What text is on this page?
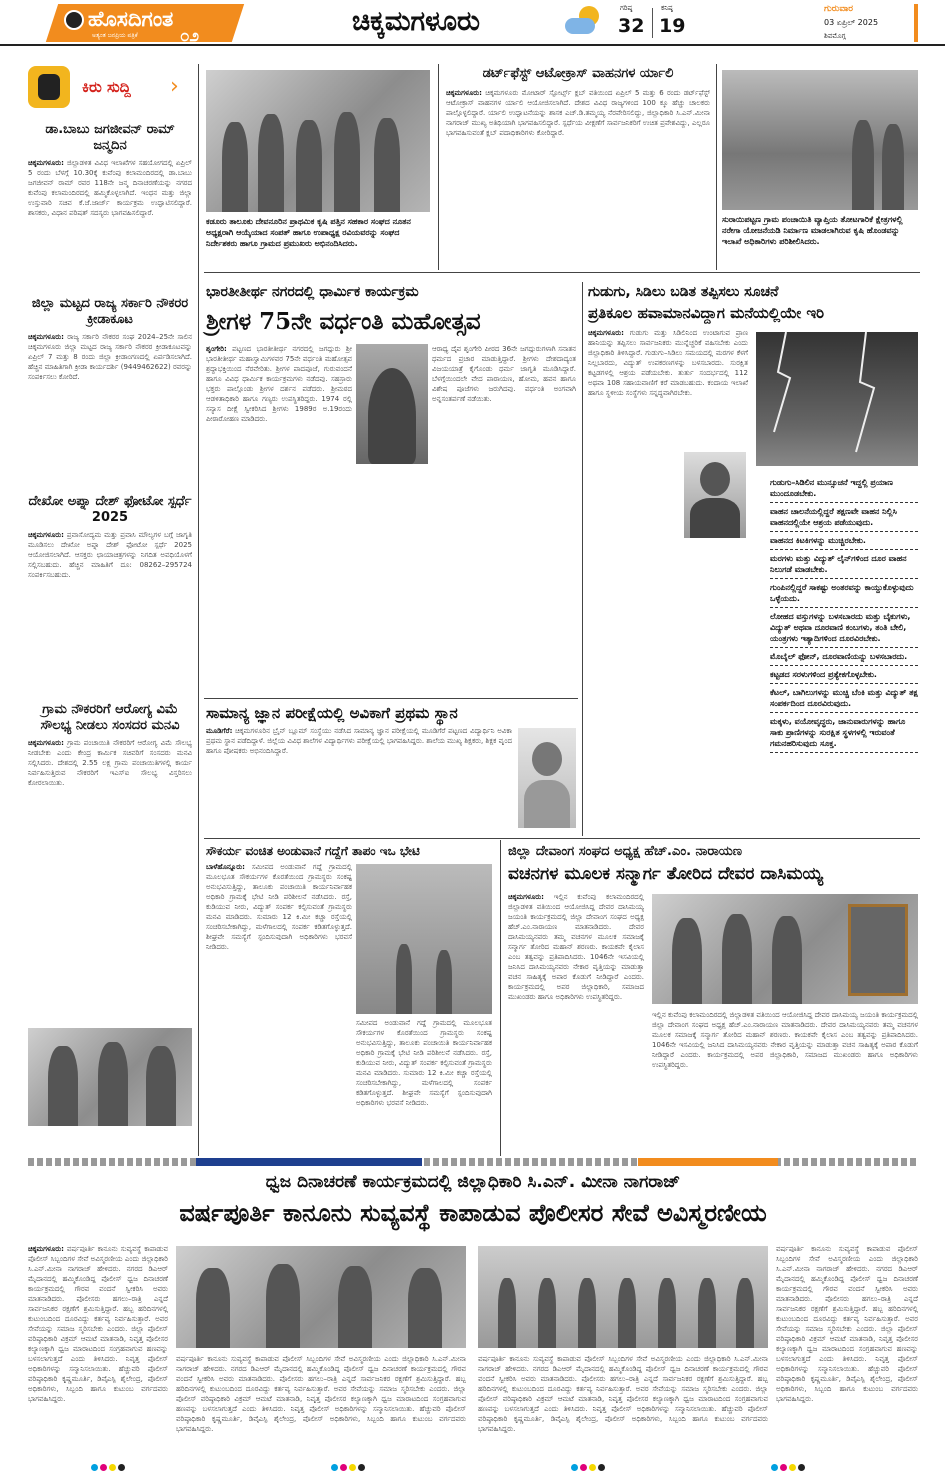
ಹೊಸದಿಗಂತ
ಅತ್ಯಂತ ಜನಪ್ರಿಯ ಪತ್ರಿಕೆ ೦೨	ಚಿಕ್ಕಮಗಳೂರು	ಗರಿಷ್ಠ
32
ಕನಿಷ್ಠ
19
ಗುರುವಾರ
03 ಏಪ್ರಿಲ್ 2025
ಶಿವಮೊಗ್ಗ
ಕಿರು ಸುದ್ದಿ ›
ಡಾ.ಬಾಬು ಜಗಜೀವನ್ ರಾಮ್ ಜನ್ಮದಿನ
ಚಿಕ್ಕಮಗಳೂರು: ಜಿಲ್ಲಾಡಳಿತ ವಿವಿಧ ಇಲಾಖೆಗಳ ಸಹಯೋಗದಲ್ಲಿ ಏಪ್ರಿಲ್ 5 ರಂದು ಬೆಳಗ್ಗೆ 10.30ಕ್ಕೆ ಕುವೆಂಪು ಕಲಾಮಂದಿರದಲ್ಲಿ ಡಾ.ಬಾಬು ಜಗಜೀವನ್ ರಾಮ್ ರವರ 118ನೇ ಜನ್ಮ ದಿನಾಚರಣೆಯನ್ನು ನಗರದ ಕುವೆಂಪು ಕಲಾಮಂದಿರದಲ್ಲಿ ಹಮ್ಮಿಕೊಳ್ಳಲಾಗಿದೆ. ಇಂಧನ ಮತ್ತು ಜಿಲ್ಲಾ ಉಸ್ತುವಾರಿ ಸಚಿವ ಕೆ.ಜೆ.ಜಾರ್ಜ್ ಕಾರ್ಯಕ್ರಮ ಉದ್ಘಾಟಿಸಲಿದ್ದಾರೆ. ಶಾಸಕರು, ವಿಧಾನ ಪರಿಷತ್ ಸದಸ್ಯರು ಭಾಗವಹಿಸಲಿದ್ದಾರೆ.
ಜಿಲ್ಲಾ ಮಟ್ಟದ ರಾಜ್ಯ ಸರ್ಕಾರಿ ನೌಕರರ ಕ್ರೀಡಾಕೂಟ
ಚಿಕ್ಕಮಗಳೂರು: ರಾಜ್ಯ ಸರ್ಕಾರಿ ನೌಕರರ ಸಂಘ 2024–25ನೇ ಸಾಲಿನ ಚಿಕ್ಕಮಗಳೂರು ಜಿಲ್ಲಾ ಮಟ್ಟದ ರಾಜ್ಯ ಸರ್ಕಾರಿ ನೌಕರರ ಕ್ರೀಡಾಕೂಟವನ್ನು ಏಪ್ರಿಲ್ 7 ಮತ್ತು 8 ರಂದು ಜಿಲ್ಲಾ ಕ್ರೀಡಾಂಗಣದಲ್ಲಿ ಏರ್ಪಡಿಸಲಾಗಿದೆ. ಹೆಚ್ಚಿನ ಮಾಹಿತಿಗಾಗಿ ಕ್ರೀಡಾ ಕಾರ್ಯದರ್ಶಿ (9449462622) ರವರನ್ನು ಸಂಪರ್ಕಿಸಲು ಕೋರಿದೆ.
ದೇಖೋ ಅಪ್ನಾ ದೇಶ್ ಫೋಟೋ ಸ್ಪರ್ಧೆ 2025
ಚಿಕ್ಕಮಗಳೂರು: ಪ್ರವಾಸೋದ್ಯಮ ಮತ್ತು ಪ್ರವಾಸಿ ಮೌಲ್ಯಗಳ ಬಗ್ಗೆ ಜಾಗೃತಿ ಮೂಡಿಸಲು ದೇಖೋ ಅಪ್ನಾ ದೇಶ್ ಫೋಟೋ ಸ್ಪರ್ಧೆ 2025 ಆಯೋಜಿಸಲಾಗಿದೆ. ಆಸಕ್ತರು ಛಾಯಾಚಿತ್ರಗಳನ್ನು ನಿಗದಿತ ಅವಧಿಯೊಳಗೆ ಸಲ್ಲಿಸಬಹುದು. ಹೆಚ್ಚಿನ ಮಾಹಿತಿಗೆ ದೂ: 08262–295724 ಸಂಪರ್ಕಿಸಬಹುದು.
ಗ್ರಾಮ ನೌಕರರಿಗೆ ಆರೋಗ್ಯ ವಿಮೆ ಸೌಲಭ್ಯ ನೀಡಲು ಸಂಸದರ ಮನವಿ
ಚಿಕ್ಕಮಗಳೂರು: ಗ್ರಾಮ ಪಂಚಾಯಿತಿ ನೌಕರರಿಗೆ ಆರೋಗ್ಯ ವಿಮೆ ಸೌಲಭ್ಯ ನೀಡಬೇಕು ಎಂದು ಕೇಂದ್ರ ಕಾರ್ಮಿಕ ಸಚಿವರಿಗೆ ಸಂಸದರು ಮನವಿ ಸಲ್ಲಿಸಿದರು. ದೇಶದಲ್ಲಿ 2.55 ಲಕ್ಷ ಗ್ರಾಮ ಪಂಚಾಯಿತಿಗಳಲ್ಲಿ ಕಾರ್ಯ ನಿರ್ವಹಿಸುತ್ತಿರುವ ನೌಕರರಿಗೆ ಇಎಸ್ಐ ಸೌಲಭ್ಯ ವಿಸ್ತರಿಸಲು ಕೋರಲಾಯಿತು.
ಕಡೂರು ತಾಲೂಕು ದೇವನೂರಿನ ಪ್ರಾಥಮಿಕ ಕೃಷಿ ಪತ್ತಿನ ಸಹಕಾರ ಸಂಘದ ನೂತನ ಅಧ್ಯಕ್ಷರಾಗಿ ಆಯ್ಕೆಯಾದ ಸಂಪತ್ ಹಾಗೂ ಉಪಾಧ್ಯಕ್ಷ ರವಿಯವರನ್ನು ಸಂಘದ ನಿರ್ದೇಶಕರು ಹಾಗೂ ಗ್ರಾಮದ ಪ್ರಮುಖರು ಅಭಿನಂದಿಸಿದರು.
ಡರ್ಟ್‌ಫೆಸ್ಟ್ ಆಟೋಕ್ರಾಸ್ ವಾಹನಗಳ ರ್ಯಾಲಿ
ಚಿಕ್ಕಮಗಳೂರು: ಚಿಕ್ಕಮಗಳೂರು ಮೋಟಾರ್ ಸ್ಪೋರ್ಟ್ಸ್ ಕ್ಲಬ್ ವತಿಯಿಂದ ಏಪ್ರಿಲ್ 5 ಮತ್ತು 6 ರಂದು ಡರ್ಟ್‌ಫೆಸ್ಟ್ ಆಟೋಕ್ರಾಸ್ ವಾಹನಗಳ ರ್ಯಾಲಿ ಆಯೋಜಿಸಲಾಗಿದೆ. ದೇಶದ ವಿವಿಧ ರಾಜ್ಯಗಳಿಂದ 100 ಕ್ಕೂ ಹೆಚ್ಚು ಚಾಲಕರು ಪಾಲ್ಗೊಳ್ಳಲಿದ್ದಾರೆ. ರ್ಯಾಲಿ ಉದ್ಘಾಟನೆಯನ್ನು ಶಾಸಕ ಎಚ್.ಡಿ.ತಮ್ಮಯ್ಯ ನೆರವೇರಿಸಲಿದ್ದು, ಜಿಲ್ಲಾಧಿಕಾರಿ ಸಿ.ಎನ್.ಮೀನಾ ನಾಗರಾಜ್ ಮುಖ್ಯ ಅತಿಥಿಯಾಗಿ ಭಾಗವಹಿಸಲಿದ್ದಾರೆ. ಸ್ಪರ್ಧೆಯ ವೀಕ್ಷಣೆಗೆ ಸಾರ್ವಜನಿಕರಿಗೆ ಉಚಿತ ಪ್ರವೇಶವಿದ್ದು, ಎಲ್ಲರೂ ಭಾಗವಹಿಸುವಂತೆ ಕ್ಲಬ್ ಪದಾಧಿಕಾರಿಗಳು ಕೋರಿದ್ದಾರೆ.
ಸುರಾಯಿಪಟ್ಟಣ ಗ್ರಾಮ ಪಂಚಾಯಿತಿ ವ್ಯಾಪ್ತಿಯ ತೋಟಗಾರಿಕೆ ಕ್ಷೇತ್ರಗಳಲ್ಲಿ ನರೇಗಾ ಯೋಜನೆಯಡಿ ನಿರ್ಮಾಣ ಮಾಡಲಾಗಿರುವ ಕೃಷಿ ಹೊಂಡವನ್ನು ಇಲಾಖೆ ಅಧಿಕಾರಿಗಳು ಪರಿಶೀಲಿಸಿದರು.
ಭಾರತೀತೀರ್ಥ ನಗರದಲ್ಲಿ ಧಾರ್ಮಿಕ ಕಾರ್ಯಕ್ರಮ
ಶ್ರೀಗಳ 75ನೇ ವರ್ಧಂತಿ ಮಹೋತ್ಸವ
ಶೃಂಗೇರಿ: ಪಟ್ಟಣದ ಭಾರತೀತೀರ್ಥ ನಗರದಲ್ಲಿ ಜಗದ್ಗುರು ಶ್ರೀ ಭಾರತೀತೀರ್ಥ ಮಹಾಸ್ವಾಮಿಗಳವರ 75ನೇ ವರ್ಧಂತಿ ಮಹೋತ್ಸವ ಶ್ರದ್ಧಾಭಕ್ತಿಯಿಂದ ನೆರವೇರಿತು. ಶ್ರೀಗಳ ಪಾದಪೂಜೆ, ಗುರುವಂದನೆ ಹಾಗೂ ವಿವಿಧ ಧಾರ್ಮಿಕ ಕಾರ್ಯಕ್ರಮಗಳು ನಡೆದವು. ಸಹಸ್ರಾರು ಭಕ್ತರು ಪಾಲ್ಗೊಂಡು ಶ್ರೀಗಳ ದರ್ಶನ ಪಡೆದರು. ಶ್ರೀಮಠದ ಆಡಳಿತಾಧಿಕಾರಿ ಹಾಗೂ ಗಣ್ಯರು ಉಪಸ್ಥಿತರಿದ್ದರು. 1974 ರಲ್ಲಿ ಸನ್ಯಾಸ ದೀಕ್ಷೆ ಸ್ವೀಕರಿಸಿದ ಶ್ರೀಗಳು 1989ರ ಅ.19ರಂದು ಪೀಠಾರೋಹಣ ಮಾಡಿದರು.
ಆರಾಧ್ಯ ದೈವ ಶೃಂಗೇರಿ ಪೀಠದ 36ನೇ ಜಗದ್ಗುರುಗಳಾಗಿ ಸನಾತನ ಧರ್ಮದ ಪ್ರಚಾರ ಮಾಡುತ್ತಿದ್ದಾರೆ. ಶ್ರೀಗಳು ದೇಶದಾದ್ಯಂತ ವಿಜಯಯಾತ್ರೆ ಕೈಗೊಂಡು ಧರ್ಮ ಜಾಗೃತಿ ಮೂಡಿಸಿದ್ದಾರೆ. ಬೆಳಗ್ಗೆಯಿಂದಲೇ ವೇದ ಪಾರಾಯಣ, ಹೋಮ, ಹವನ ಹಾಗೂ ವಿಶೇಷ ಪೂಜೆಗಳು ಜರುಗಿದವು. ವರ್ಧಂತಿ ಅಂಗವಾಗಿ ಅನ್ನಸಂತರ್ಪಣೆ ನಡೆಯಿತು.
ಸಾಮಾನ್ಯ ಜ್ಞಾನ ಪರೀಕ್ಷೆಯಲ್ಲಿ ಅವಿಕಾಗೆ ಪ್ರಥಮ ಸ್ಥಾನ
ಮೂಡಿಗೆರೆ: ಚಿಕ್ಕಮಗಳೂರಿನ ಬ್ರೈನ್ ಬ್ಲೂಮ್ ಸಂಸ್ಥೆಯು ನಡೆಸಿದ ಸಾಮಾನ್ಯ ಜ್ಞಾನ ಪರೀಕ್ಷೆಯಲ್ಲಿ ಮೂಡಿಗೆರೆ ಪಟ್ಟಣದ ವಿದ್ಯಾರ್ಥಿನಿ ಅವಿಕಾ ಪ್ರಥಮ ಸ್ಥಾನ ಪಡೆದಿದ್ದಾಳೆ. ಜಿಲ್ಲೆಯ ವಿವಿಧ ಶಾಲೆಗಳ ವಿದ್ಯಾರ್ಥಿಗಳು ಪರೀಕ್ಷೆಯಲ್ಲಿ ಭಾಗವಹಿಸಿದ್ದರು. ಶಾಲೆಯ ಮುಖ್ಯ ಶಿಕ್ಷಕರು, ಶಿಕ್ಷಕ ವೃಂದ ಹಾಗೂ ಪೋಷಕರು ಅಭಿನಂದಿಸಿದ್ದಾರೆ.
ಗುಡುಗು, ಸಿಡಿಲು ಬಡಿತ ತಪ್ಪಿಸಲು ಸೂಚನೆ
ಪ್ರತಿಕೂಲ ಹವಾಮಾನವಿದ್ದಾಗ ಮನೆಯಲ್ಲಿಯೇ ಇರಿ
ಚಿಕ್ಕಮಗಳೂರು: ಗುಡುಗು ಮತ್ತು ಸಿಡಿಲಿನಿಂದ ಉಂಟಾಗುವ ಪ್ರಾಣ ಹಾನಿಯನ್ನು ತಪ್ಪಿಸಲು ಸಾರ್ವಜನಿಕರು ಮುನ್ನೆಚ್ಚರಿಕೆ ವಹಿಸಬೇಕು ಎಂದು ಜಿಲ್ಲಾಧಿಕಾರಿ ತಿಳಿಸಿದ್ದಾರೆ. ಗುಡುಗು–ಸಿಡಿಲು ಸಮಯದಲ್ಲಿ ಮರಗಳ ಕೆಳಗೆ ನಿಲ್ಲಬಾರದು, ವಿದ್ಯುತ್ ಉಪಕರಣಗಳನ್ನು ಬಳಸಬಾರದು. ಸುರಕ್ಷಿತ ಕಟ್ಟಡಗಳಲ್ಲಿ ಆಶ್ರಯ ಪಡೆಯಬೇಕು. ತುರ್ತು ಸಂದರ್ಭದಲ್ಲಿ 112 ಅಥವಾ 108 ಸಹಾಯವಾಣಿಗೆ ಕರೆ ಮಾಡಬಹುದು. ಕಂದಾಯ ಇಲಾಖೆ ಹಾಗೂ ಸ್ಥಳೀಯ ಸಂಸ್ಥೆಗಳು ಸನ್ನದ್ಧವಾಗಿರಬೇಕು.
ಗುಡುಗು–ಸಿಡಿಲಿನ ಮುನ್ಸೂಚನೆ ಇದ್ದಲ್ಲಿ ಪ್ರಯಾಣ ಮುಂದೂಡಬೇಕು.
ವಾಹನ ಚಾಲನೆಯಲ್ಲಿದ್ದರೆ ತಕ್ಷಣವೇ ವಾಹನ ನಿಲ್ಲಿಸಿ ವಾಹನದಲ್ಲಿಯೇ ಆಶ್ರಯ ಪಡೆಯುವುದು.
ವಾಹನದ ಕಿಟಕಿಗಳನ್ನು ಮುಚ್ಚಿರಬೇಕು.
ಮರಗಳು ಮತ್ತು ವಿದ್ಯುತ್ ಲೈನ್‌ಗಳಿಂದ ದೂರ ವಾಹನ ನಿಲುಗಡೆ ಮಾಡಬೇಕು.
ಗುಂಪಿನಲ್ಲಿದ್ದರೆ ಸಾಕಷ್ಟು ಅಂತರವನ್ನು ಕಾಯ್ದುಕೊಳ್ಳುವುದು ಒಳ್ಳೆಯದು.
ಲೋಹದ ವಸ್ತುಗಳನ್ನು ಬಳಸಬಾರದು ಮತ್ತು ಬೈಕುಗಳು, ವಿದ್ಯುತ್ ಅಥವಾ ದೂರವಾಣಿ ಕಂಬಗಳು, ತಂತಿ ಬೇಲಿ, ಯಂತ್ರಗಳು ಇತ್ಯಾದಿಗಳಿಂದ ದೂರವಿರಬೇಕು.
ಮೊಬೈಲ್ ಫೋನ್, ದೂರವಾಣಿಯನ್ನು ಬಳಸಬಾರದು.
ಕಟ್ಟಡದ ಸರಳುಗಳಿಂದ ಪ್ರತ್ಯೇಕಗೊಳ್ಳಬೇಕು.
ಕೆಟಲ್, ಬಾಗಿಲುಗಳನ್ನು ಮುಚ್ಚಿ ಬೆಂಕಿ ಮತ್ತು ವಿದ್ಯುತ್ ತಕ್ಷ ಸಂಪರ್ಕದಿಂದ ದೂರವಿರುವುದು.
ಮಕ್ಕಳು, ವಯೋವೃದ್ಧರು, ಜಾನುವಾರುಗಳನ್ನು ಹಾಗೂ ಸಾಕು ಪ್ರಾಣಿಗಳನ್ನು ಸುರಕ್ಷಿತ ಸ್ಥಳಗಳಲ್ಲಿ ಇರುವಂತೆ ಗಮನಹರಿಸುವುದು ಸೂಕ್ತ.
ಸೌಕರ್ಯ ವಂಚಿತ ಅಂಡುವಾನೆ ಗದ್ದೆಗೆ ತಾಪಂ ಇಒ ಭೇಟಿ
ಬಾಳೆಹೊನ್ನೂರು: ಸಮೀಪದ ಅಂಡುವಾನೆ ಗದ್ದೆ ಗ್ರಾಮದಲ್ಲಿ ಮೂಲಭೂತ ಸೌಕರ್ಯಗಳ ಕೊರತೆಯಿಂದ ಗ್ರಾಮಸ್ಥರು ಸಂಕಷ್ಟ ಅನುಭವಿಸುತ್ತಿದ್ದು, ತಾಲೂಕು ಪಂಚಾಯಿತಿ ಕಾರ್ಯನಿರ್ವಾಹಕ ಅಧಿಕಾರಿ ಗ್ರಾಮಕ್ಕೆ ಭೇಟಿ ನೀಡಿ ಪರಿಶೀಲನೆ ನಡೆಸಿದರು. ರಸ್ತೆ, ಕುಡಿಯುವ ನೀರು, ವಿದ್ಯುತ್ ಸಂಪರ್ಕ ಕಲ್ಪಿಸುವಂತೆ ಗ್ರಾಮಸ್ಥರು ಮನವಿ ಮಾಡಿದರು. ಸುಮಾರು 12 ಕಿ.ಮೀ ಕಚ್ಚಾ ರಸ್ತೆಯಲ್ಲಿ ಸಂಚರಿಸಬೇಕಾಗಿದ್ದು, ಮಳೆಗಾಲದಲ್ಲಿ ಸಂಪರ್ಕ ಕಡಿತಗೊಳ್ಳುತ್ತದೆ. ಶೀಘ್ರವೇ ಸಮಸ್ಯೆಗೆ ಸ್ಪಂದಿಸುವುದಾಗಿ ಅಧಿಕಾರಿಗಳು ಭರವಸೆ ನೀಡಿದರು.
ಸಮೀಪದ ಅಂಡುವಾನೆ ಗದ್ದೆ ಗ್ರಾಮದಲ್ಲಿ ಮೂಲಭೂತ ಸೌಕರ್ಯಗಳ ಕೊರತೆಯಿಂದ ಗ್ರಾಮಸ್ಥರು ಸಂಕಷ್ಟ ಅನುಭವಿಸುತ್ತಿದ್ದು, ತಾಲೂಕು ಪಂಚಾಯಿತಿ ಕಾರ್ಯನಿರ್ವಾಹಕ ಅಧಿಕಾರಿ ಗ್ರಾಮಕ್ಕೆ ಭೇಟಿ ನೀಡಿ ಪರಿಶೀಲನೆ ನಡೆಸಿದರು. ರಸ್ತೆ, ಕುಡಿಯುವ ನೀರು, ವಿದ್ಯುತ್ ಸಂಪರ್ಕ ಕಲ್ಪಿಸುವಂತೆ ಗ್ರಾಮಸ್ಥರು ಮನವಿ ಮಾಡಿದರು. ಸುಮಾರು 12 ಕಿ.ಮೀ ಕಚ್ಚಾ ರಸ್ತೆಯಲ್ಲಿ ಸಂಚರಿಸಬೇಕಾಗಿದ್ದು, ಮಳೆಗಾಲದಲ್ಲಿ ಸಂಪರ್ಕ ಕಡಿತಗೊಳ್ಳುತ್ತದೆ. ಶೀಘ್ರವೇ ಸಮಸ್ಯೆಗೆ ಸ್ಪಂದಿಸುವುದಾಗಿ ಅಧಿಕಾರಿಗಳು ಭರವಸೆ ನೀಡಿದರು.
ಜಿಲ್ಲಾ ದೇವಾಂಗ ಸಂಘದ ಅಧ್ಯಕ್ಷ ಹೆಚ್.ಎಂ. ನಾರಾಯಣ
ವಚನಗಳ ಮೂಲಕ ಸನ್ಮಾರ್ಗ ತೋರಿದ ದೇವರ ದಾಸಿಮಯ್ಯ
ಚಿಕ್ಕಮಗಳೂರು: ಇಲ್ಲಿನ ಕುವೆಂಪು ಕಲಾಮಂದಿರದಲ್ಲಿ ಜಿಲ್ಲಾಡಳಿತ ವತಿಯಿಂದ ಆಯೋಜಿಸಿದ್ದ ದೇವರ ದಾಸಿಮಯ್ಯ ಜಯಂತಿ ಕಾರ್ಯಕ್ರಮದಲ್ಲಿ ಜಿಲ್ಲಾ ದೇವಾಂಗ ಸಂಘದ ಅಧ್ಯಕ್ಷ ಹೆಚ್.ಎಂ.ನಾರಾಯಣ ಮಾತನಾಡಿದರು. ದೇವರ ದಾಸಿಮಯ್ಯನವರು ತಮ್ಮ ವಚನಗಳ ಮೂಲಕ ಸಮಾಜಕ್ಕೆ ಸನ್ಮಾರ್ಗ ತೋರಿದ ಮಹಾನ್ ಶರಣರು. ಕಾಯಕವೇ ಕೈಲಾಸ ಎಂಬ ತತ್ವವನ್ನು ಪ್ರತಿಪಾದಿಸಿದರು. 1046ನೇ ಇಸವಿಯಲ್ಲಿ ಜನಿಸಿದ ದಾಸಿಮಯ್ಯನವರು ನೇಕಾರ ವೃತ್ತಿಯನ್ನು ಮಾಡುತ್ತಾ ವಚನ ಸಾಹಿತ್ಯಕ್ಕೆ ಅಪಾರ ಕೊಡುಗೆ ನೀಡಿದ್ದಾರೆ ಎಂದರು. ಕಾರ್ಯಕ್ರಮದಲ್ಲಿ ಅಪರ ಜಿಲ್ಲಾಧಿಕಾರಿ, ಸಮಾಜದ ಮುಖಂಡರು ಹಾಗೂ ಅಧಿಕಾರಿಗಳು ಉಪಸ್ಥಿತರಿದ್ದರು.
ಇಲ್ಲಿನ ಕುವೆಂಪು ಕಲಾಮಂದಿರದಲ್ಲಿ ಜಿಲ್ಲಾಡಳಿತ ವತಿಯಿಂದ ಆಯೋಜಿಸಿದ್ದ ದೇವರ ದಾಸಿಮಯ್ಯ ಜಯಂತಿ ಕಾರ್ಯಕ್ರಮದಲ್ಲಿ ಜಿಲ್ಲಾ ದೇವಾಂಗ ಸಂಘದ ಅಧ್ಯಕ್ಷ ಹೆಚ್.ಎಂ.ನಾರಾಯಣ ಮಾತನಾಡಿದರು. ದೇವರ ದಾಸಿಮಯ್ಯನವರು ತಮ್ಮ ವಚನಗಳ ಮೂಲಕ ಸಮಾಜಕ್ಕೆ ಸನ್ಮಾರ್ಗ ತೋರಿದ ಮಹಾನ್ ಶರಣರು. ಕಾಯಕವೇ ಕೈಲಾಸ ಎಂಬ ತತ್ವವನ್ನು ಪ್ರತಿಪಾದಿಸಿದರು. 1046ನೇ ಇಸವಿಯಲ್ಲಿ ಜನಿಸಿದ ದಾಸಿಮಯ್ಯನವರು ನೇಕಾರ ವೃತ್ತಿಯನ್ನು ಮಾಡುತ್ತಾ ವಚನ ಸಾಹಿತ್ಯಕ್ಕೆ ಅಪಾರ ಕೊಡುಗೆ ನೀಡಿದ್ದಾರೆ ಎಂದರು. ಕಾರ್ಯಕ್ರಮದಲ್ಲಿ ಅಪರ ಜಿಲ್ಲಾಧಿಕಾರಿ, ಸಮಾಜದ ಮುಖಂಡರು ಹಾಗೂ ಅಧಿಕಾರಿಗಳು ಉಪಸ್ಥಿತರಿದ್ದರು.
ಧ್ವಜ ದಿನಾಚರಣೆ ಕಾರ್ಯಕ್ರಮದಲ್ಲಿ ಜಿಲ್ಲಾಧಿಕಾರಿ ಸಿ.ಎನ್. ಮೀನಾ ನಾಗರಾಜ್
ವರ್ಷಪೂರ್ತಿ ಕಾನೂನು ಸುವ್ಯವಸ್ಥೆ ಕಾಪಾಡುವ ಪೊಲೀಸರ ಸೇವೆ ಅವಿಸ್ಮರಣೀಯ
ಚಿಕ್ಕಮಗಳೂರು: ವರ್ಷಪೂರ್ತಿ ಕಾನೂನು ಸುವ್ಯವಸ್ಥೆ ಕಾಪಾಡುವ ಪೊಲೀಸ್ ಸಿಬ್ಬಂದಿಗಳ ಸೇವೆ ಅವಿಸ್ಮರಣೀಯ ಎಂದು ಜಿಲ್ಲಾಧಿಕಾರಿ ಸಿ.ಎನ್.ಮೀನಾ ನಾಗರಾಜ್ ಹೇಳಿದರು. ನಗರದ ಡಿಎಆರ್ ಮೈದಾನದಲ್ಲಿ ಹಮ್ಮಿಕೊಂಡಿದ್ದ ಪೊಲೀಸ್ ಧ್ವಜ ದಿನಾಚರಣೆ ಕಾರ್ಯಕ್ರಮದಲ್ಲಿ ಗೌರವ ವಂದನೆ ಸ್ವೀಕರಿಸಿ ಅವರು ಮಾತನಾಡಿದರು. ಪೊಲೀಸರು ಹಗಲು–ರಾತ್ರಿ ಎನ್ನದೆ ಸಾರ್ವಜನಿಕರ ರಕ್ಷಣೆಗೆ ಶ್ರಮಿಸುತ್ತಿದ್ದಾರೆ. ಹಬ್ಬ ಹರಿದಿನಗಳಲ್ಲಿ ಕುಟುಂಬದಿಂದ ದೂರವಿದ್ದು ಕರ್ತವ್ಯ ನಿರ್ವಹಿಸುತ್ತಾರೆ. ಅವರ ಸೇವೆಯನ್ನು ಸಮಾಜ ಸ್ಮರಿಸಬೇಕು ಎಂದರು. ಜಿಲ್ಲಾ ಪೊಲೀಸ್ ವರಿಷ್ಠಾಧಿಕಾರಿ ವಿಕ್ರಮ್ ಆಮಟೆ ಮಾತನಾಡಿ, ನಿವೃತ್ತ ಪೊಲೀಸರ ಕಲ್ಯಾಣಕ್ಕಾಗಿ ಧ್ವಜ ಮಾರಾಟದಿಂದ ಸಂಗ್ರಹವಾಗುವ ಹಣವನ್ನು ಬಳಸಲಾಗುತ್ತದೆ ಎಂದು ತಿಳಿಸಿದರು. ನಿವೃತ್ತ ಪೊಲೀಸ್ ಅಧಿಕಾರಿಗಳನ್ನು ಸನ್ಮಾನಿಸಲಾಯಿತು. ಹೆಚ್ಚುವರಿ ಪೊಲೀಸ್ ವರಿಷ್ಠಾಧಿಕಾರಿ ಕೃಷ್ಣಮೂರ್ತಿ, ಡಿವೈಎಸ್ಪಿ ಶೈಲೇಂದ್ರ, ಪೊಲೀಸ್ ಅಧಿಕಾರಿಗಳು, ಸಿಬ್ಬಂದಿ ಹಾಗೂ ಕುಟುಂಬ ವರ್ಗದವರು ಭಾಗವಹಿಸಿದ್ದರು.
ವರ್ಷಪೂರ್ತಿ ಕಾನೂನು ಸುವ್ಯವಸ್ಥೆ ಕಾಪಾಡುವ ಪೊಲೀಸ್ ಸಿಬ್ಬಂದಿಗಳ ಸೇವೆ ಅವಿಸ್ಮರಣೀಯ ಎಂದು ಜಿಲ್ಲಾಧಿಕಾರಿ ಸಿ.ಎನ್.ಮೀನಾ ನಾಗರಾಜ್ ಹೇಳಿದರು. ನಗರದ ಡಿಎಆರ್ ಮೈದಾನದಲ್ಲಿ ಹಮ್ಮಿಕೊಂಡಿದ್ದ ಪೊಲೀಸ್ ಧ್ವಜ ದಿನಾಚರಣೆ ಕಾರ್ಯಕ್ರಮದಲ್ಲಿ ಗೌರವ ವಂದನೆ ಸ್ವೀಕರಿಸಿ ಅವರು ಮಾತನಾಡಿದರು. ಪೊಲೀಸರು ಹಗಲು–ರಾತ್ರಿ ಎನ್ನದೆ ಸಾರ್ವಜನಿಕರ ರಕ್ಷಣೆಗೆ ಶ್ರಮಿಸುತ್ತಿದ್ದಾರೆ. ಹಬ್ಬ ಹರಿದಿನಗಳಲ್ಲಿ ಕುಟುಂಬದಿಂದ ದೂರವಿದ್ದು ಕರ್ತವ್ಯ ನಿರ್ವಹಿಸುತ್ತಾರೆ. ಅವರ ಸೇವೆಯನ್ನು ಸಮಾಜ ಸ್ಮರಿಸಬೇಕು ಎಂದರು. ಜಿಲ್ಲಾ ಪೊಲೀಸ್ ವರಿಷ್ಠಾಧಿಕಾರಿ ವಿಕ್ರಮ್ ಆಮಟೆ ಮಾತನಾಡಿ, ನಿವೃತ್ತ ಪೊಲೀಸರ ಕಲ್ಯಾಣಕ್ಕಾಗಿ ಧ್ವಜ ಮಾರಾಟದಿಂದ ಸಂಗ್ರಹವಾಗುವ ಹಣವನ್ನು ಬಳಸಲಾಗುತ್ತದೆ ಎಂದು ತಿಳಿಸಿದರು. ನಿವೃತ್ತ ಪೊಲೀಸ್ ಅಧಿಕಾರಿಗಳನ್ನು ಸನ್ಮಾನಿಸಲಾಯಿತು. ಹೆಚ್ಚುವರಿ ಪೊಲೀಸ್ ವರಿಷ್ಠಾಧಿಕಾರಿ ಕೃಷ್ಣಮೂರ್ತಿ, ಡಿವೈಎಸ್ಪಿ ಶೈಲೇಂದ್ರ, ಪೊಲೀಸ್ ಅಧಿಕಾರಿಗಳು, ಸಿಬ್ಬಂದಿ ಹಾಗೂ ಕುಟುಂಬ ವರ್ಗದವರು ಭಾಗವಹಿಸಿದ್ದರು.
ವರ್ಷಪೂರ್ತಿ ಕಾನೂನು ಸುವ್ಯವಸ್ಥೆ ಕಾಪಾಡುವ ಪೊಲೀಸ್ ಸಿಬ್ಬಂದಿಗಳ ಸೇವೆ ಅವಿಸ್ಮರಣೀಯ ಎಂದು ಜಿಲ್ಲಾಧಿಕಾರಿ ಸಿ.ಎನ್.ಮೀನಾ ನಾಗರಾಜ್ ಹೇಳಿದರು. ನಗರದ ಡಿಎಆರ್ ಮೈದಾನದಲ್ಲಿ ಹಮ್ಮಿಕೊಂಡಿದ್ದ ಪೊಲೀಸ್ ಧ್ವಜ ದಿನಾಚರಣೆ ಕಾರ್ಯಕ್ರಮದಲ್ಲಿ ಗೌರವ ವಂದನೆ ಸ್ವೀಕರಿಸಿ ಅವರು ಮಾತನಾಡಿದರು. ಪೊಲೀಸರು ಹಗಲು–ರಾತ್ರಿ ಎನ್ನದೆ ಸಾರ್ವಜನಿಕರ ರಕ್ಷಣೆಗೆ ಶ್ರಮಿಸುತ್ತಿದ್ದಾರೆ. ಹಬ್ಬ ಹರಿದಿನಗಳಲ್ಲಿ ಕುಟುಂಬದಿಂದ ದೂರವಿದ್ದು ಕರ್ತವ್ಯ ನಿರ್ವಹಿಸುತ್ತಾರೆ. ಅವರ ಸೇವೆಯನ್ನು ಸಮಾಜ ಸ್ಮರಿಸಬೇಕು ಎಂದರು. ಜಿಲ್ಲಾ ಪೊಲೀಸ್ ವರಿಷ್ಠಾಧಿಕಾರಿ ವಿಕ್ರಮ್ ಆಮಟೆ ಮಾತನಾಡಿ, ನಿವೃತ್ತ ಪೊಲೀಸರ ಕಲ್ಯಾಣಕ್ಕಾಗಿ ಧ್ವಜ ಮಾರಾಟದಿಂದ ಸಂಗ್ರಹವಾಗುವ ಹಣವನ್ನು ಬಳಸಲಾಗುತ್ತದೆ ಎಂದು ತಿಳಿಸಿದರು. ನಿವೃತ್ತ ಪೊಲೀಸ್ ಅಧಿಕಾರಿಗಳನ್ನು ಸನ್ಮಾನಿಸಲಾಯಿತು. ಹೆಚ್ಚುವರಿ ಪೊಲೀಸ್ ವರಿಷ್ಠಾಧಿಕಾರಿ ಕೃಷ್ಣಮೂರ್ತಿ, ಡಿವೈಎಸ್ಪಿ ಶೈಲೇಂದ್ರ, ಪೊಲೀಸ್ ಅಧಿಕಾರಿಗಳು, ಸಿಬ್ಬಂದಿ ಹಾಗೂ ಕುಟುಂಬ ವರ್ಗದವರು ಭಾಗವಹಿಸಿದ್ದರು.
ವರ್ಷಪೂರ್ತಿ ಕಾನೂನು ಸುವ್ಯವಸ್ಥೆ ಕಾಪಾಡುವ ಪೊಲೀಸ್ ಸಿಬ್ಬಂದಿಗಳ ಸೇವೆ ಅವಿಸ್ಮರಣೀಯ ಎಂದು ಜಿಲ್ಲಾಧಿಕಾರಿ ಸಿ.ಎನ್.ಮೀನಾ ನಾಗರಾಜ್ ಹೇಳಿದರು. ನಗರದ ಡಿಎಆರ್ ಮೈದಾನದಲ್ಲಿ ಹಮ್ಮಿಕೊಂಡಿದ್ದ ಪೊಲೀಸ್ ಧ್ವಜ ದಿನಾಚರಣೆ ಕಾರ್ಯಕ್ರಮದಲ್ಲಿ ಗೌರವ ವಂದನೆ ಸ್ವೀಕರಿಸಿ ಅವರು ಮಾತನಾಡಿದರು. ಪೊಲೀಸರು ಹಗಲು–ರಾತ್ರಿ ಎನ್ನದೆ ಸಾರ್ವಜನಿಕರ ರಕ್ಷಣೆಗೆ ಶ್ರಮಿಸುತ್ತಿದ್ದಾರೆ. ಹಬ್ಬ ಹರಿದಿನಗಳಲ್ಲಿ ಕುಟುಂಬದಿಂದ ದೂರವಿದ್ದು ಕರ್ತವ್ಯ ನಿರ್ವಹಿಸುತ್ತಾರೆ. ಅವರ ಸೇವೆಯನ್ನು ಸಮಾಜ ಸ್ಮರಿಸಬೇಕು ಎಂದರು. ಜಿಲ್ಲಾ ಪೊಲೀಸ್ ವರಿಷ್ಠಾಧಿಕಾರಿ ವಿಕ್ರಮ್ ಆಮಟೆ ಮಾತನಾಡಿ, ನಿವೃತ್ತ ಪೊಲೀಸರ ಕಲ್ಯಾಣಕ್ಕಾಗಿ ಧ್ವಜ ಮಾರಾಟದಿಂದ ಸಂಗ್ರಹವಾಗುವ ಹಣವನ್ನು ಬಳಸಲಾಗುತ್ತದೆ ಎಂದು ತಿಳಿಸಿದರು. ನಿವೃತ್ತ ಪೊಲೀಸ್ ಅಧಿಕಾರಿಗಳನ್ನು ಸನ್ಮಾನಿಸಲಾಯಿತು. ಹೆಚ್ಚುವರಿ ಪೊಲೀಸ್ ವರಿಷ್ಠಾಧಿಕಾರಿ ಕೃಷ್ಣಮೂರ್ತಿ, ಡಿವೈಎಸ್ಪಿ ಶೈಲೇಂದ್ರ, ಪೊಲೀಸ್ ಅಧಿಕಾರಿಗಳು, ಸಿಬ್ಬಂದಿ ಹಾಗೂ ಕುಟುಂಬ ವರ್ಗದವರು ಭಾಗವಹಿಸಿದ್ದರು.
